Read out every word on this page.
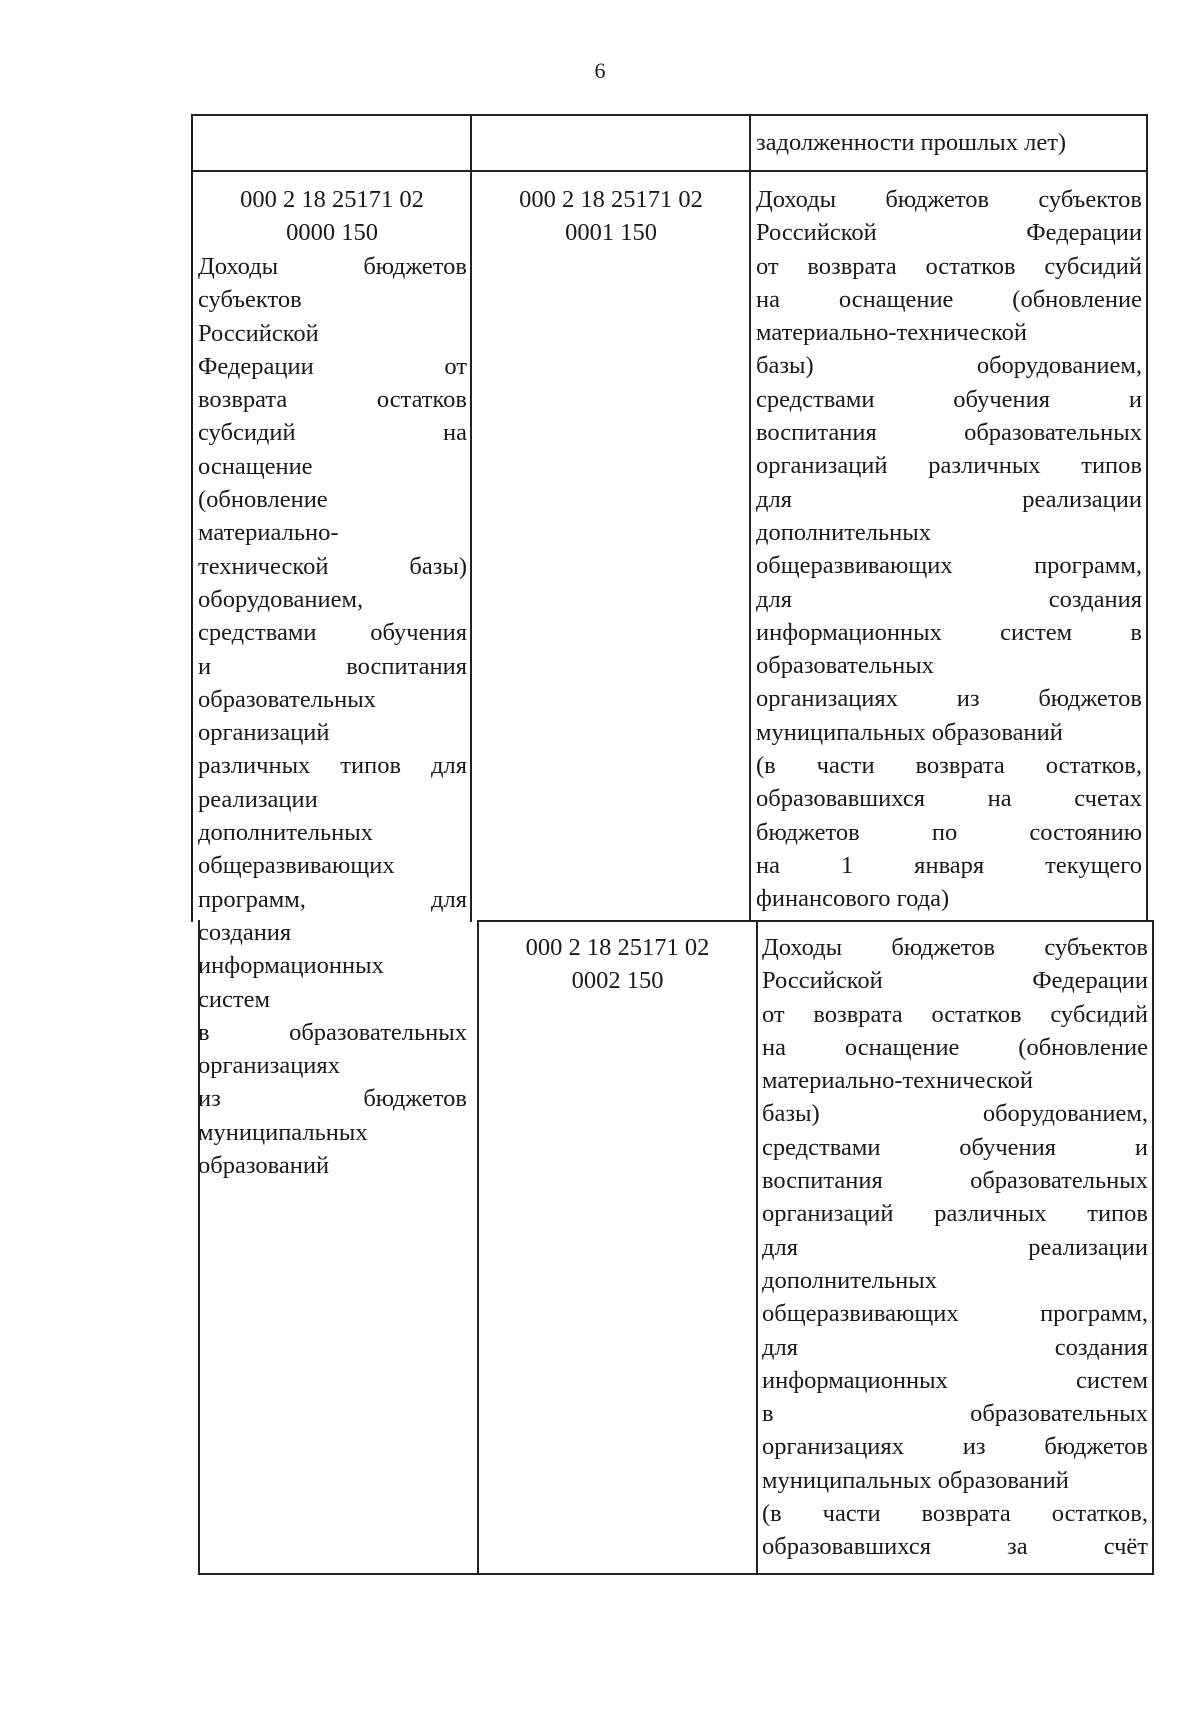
6
задолженности прошлых лет)
000 2 18 25171 02
0000 150
Доходы бюджетов
субъектов
Российской
Федерации от
возврата остатков
субсидий на
оснащение
(обновление
материально-
технической базы)
оборудованием,
средствами обучения
и воспитания
образовательных
организаций
различных типов для
реализации
дополнительных
общеразвивающих
программ, для
создания
информационных
систем
в образовательных
организациях
из бюджетов
муниципальных
образований
000 2 18 25171 02
0001 150
Доходы бюджетов субъектов
Российской Федерации
от возврата остатков субсидий
на оснащение (обновление
материально-технической
базы) оборудованием,
средствами обучения и
воспитания образовательных
организаций различных типов
для реализации
дополнительных
общеразвивающих программ,
для создания
информационных систем в
образовательных
организациях из бюджетов
муниципальных образований
(в части возврата остатков,
образовавшихся на счетах
бюджетов по состоянию
на 1 января текущего
финансового года)
000 2 18 25171 02
0002 150
Доходы бюджетов субъектов
Российской Федерации
от возврата остатков субсидий
на оснащение (обновление
материально-технической
базы) оборудованием,
средствами обучения и
воспитания образовательных
организаций различных типов
для реализации
дополнительных
общеразвивающих программ,
для создания
информационных систем
в образовательных
организациях из бюджетов
муниципальных образований
(в части возврата остатков,
образовавшихся за счёт
